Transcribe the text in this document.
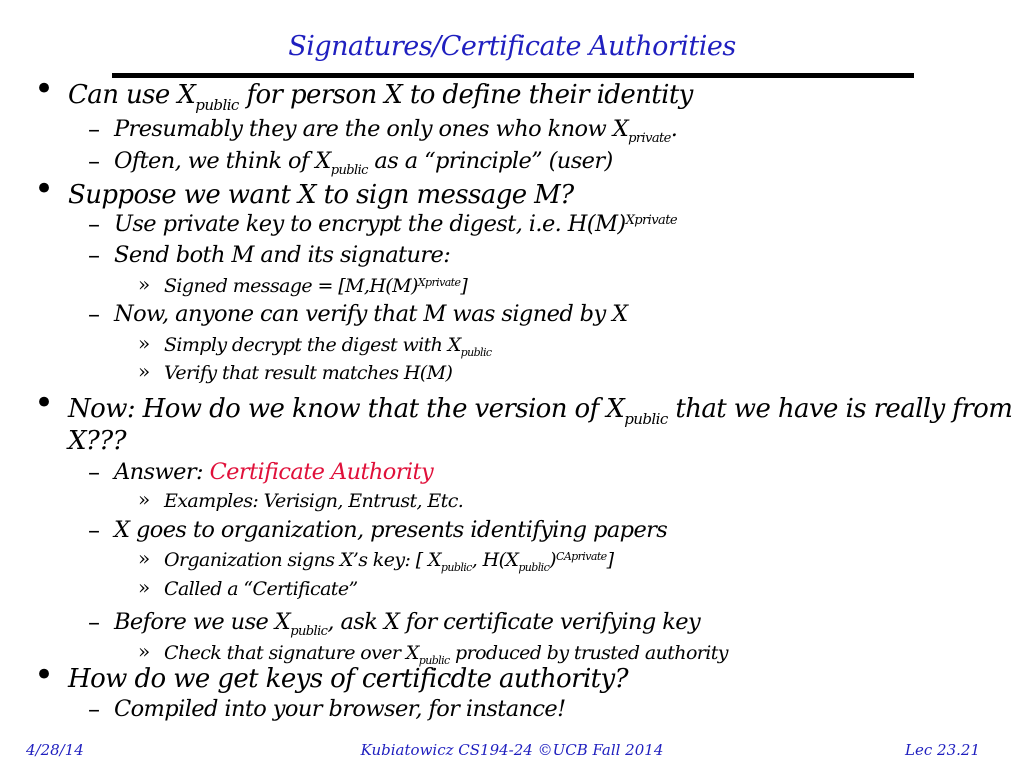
Signatures/Certificate Authorities
• Can use $X_{public}$ for person X to define their identity
– Presumably they are the only ones who know $X_{private}$.
– Often, we think of $X_{public}$ as a “principle” (user)
• Suppose we want X to sign message M?
– Use private key to encrypt the digest, i.e. $H(M)^{Xprivate}$
– Send both M and its signature:
» Signed message = $[M,H(M)^{Xprivate}]$
– Now, anyone can verify that M was signed by X
» Simply decrypt the digest with $X_{public}$
» Verify that result matches H(M)
• Now: How do we know that the version of $X_{public}$ that we have is really from
X???
– Answer: Certificate Authority
» Examples: Verisign, Entrust, Etc.
– X goes to organization, presents identifying papers
» Organization signs X’s key: [ $X_{public}$, $H(X_{public})^{CAprivate}$]
» Called a “Certificate”
– Before we use $X_{public}$, ask X for certificate verifying key
» Check that signature over $X_{public}$ produced by trusted authority
• How do we get keys of certificdte authority?
– Compiled into your browser, for instance!
4/28/14	Kubiatowicz CS194-24 ©UCB Fall 2014	Lec 23.21
